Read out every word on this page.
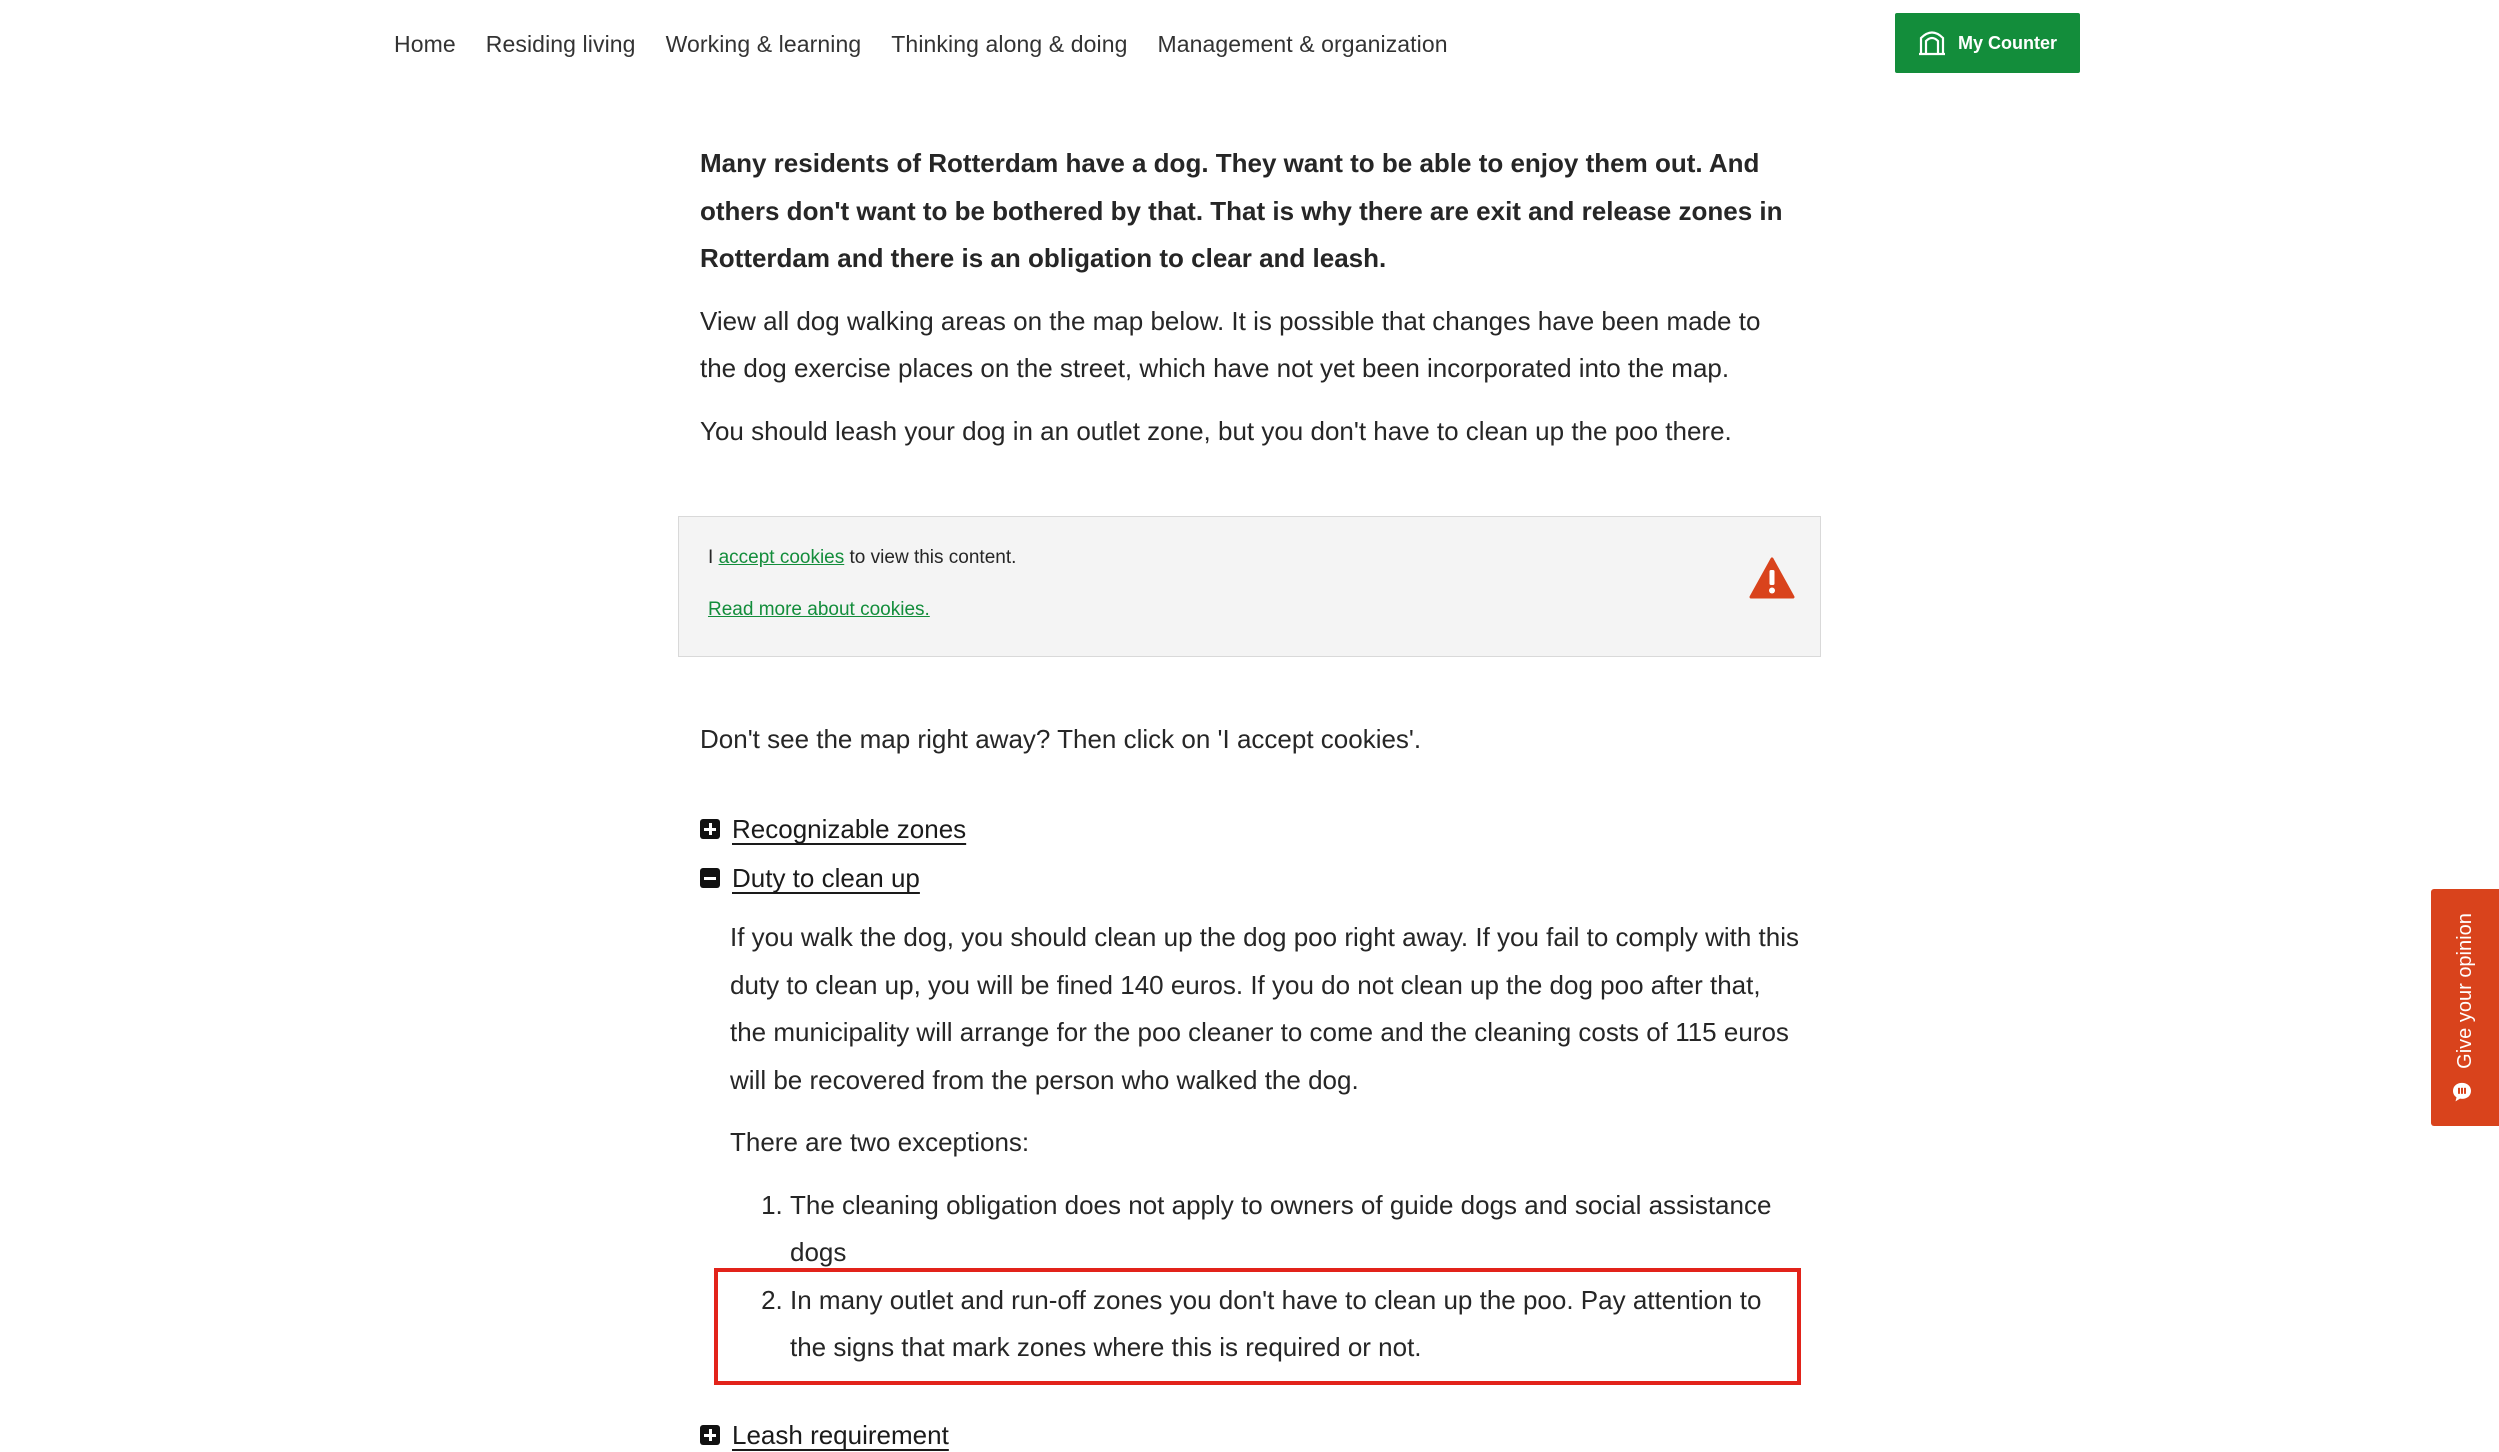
Home Residing living Working & learning Thinking along & doing Management & organization	My Counter

Many residents of Rotterdam have a dog. They want to be able to enjoy them out. And others don't want to be bothered by that. That is why there are exit and release zones in Rotterdam and there is an obligation to clear and leash.

View all dog walking areas on the map below. It is possible that changes have been made to the dog exercise places on the street, which have not yet been incorporated into the map.

You should leash your dog in an outlet zone, but you don't have to clean up the poo there.

I accept cookies to view this content.
Read more about cookies.

Don't see the map right away? Then click on 'I accept cookies'.

Recognizable zones
Duty to clean up

If you walk the dog, you should clean up the dog poo right away. If you fail to comply with this duty to clean up, you will be fined 140 euros. If you do not clean up the dog poo after that, the municipality will arrange for the poo cleaner to come and the cleaning costs of 115 euros will be recovered from the person who walked the dog.

There are two exceptions:

1. The cleaning obligation does not apply to owners of guide dogs and social assistance dogs
2. In many outlet and run-off zones you don't have to clean up the poo. Pay attention to the signs that mark zones where this is required or not.
Leash requirement
Give your opinion
